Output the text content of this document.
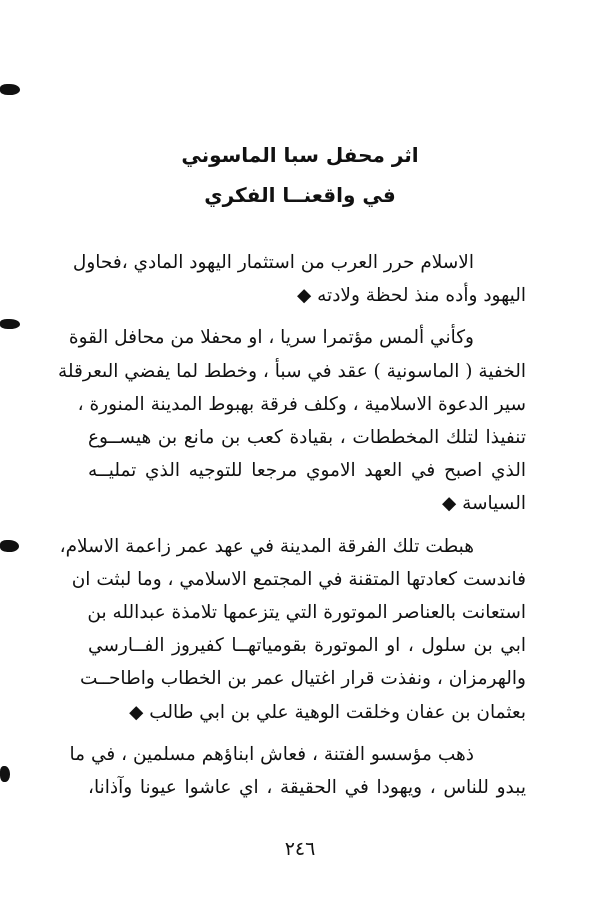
اثر محفل سبا الماسوني

في واقعنــا الفكري

الاسلام حرر العرب من استثمار اليهود المادي ،فحاول
اليهود وأده منذ لحظة ولادته ◆

وكأني ألمس مؤتمرا سريا ، او محفلا من محافل القوة
الخفية ( الماسونية ) عقد في سبأ ، وخطط لما يفضي الىعرقلة
سير الدعوة الاسلامية ، وكلف فرقة بهبوط المدينة المنورة ،
تنفيذا لتلك المخططات ، بقيادة كعب بن مانع بن هيســوع
الذي اصبح في العهد الاموي مرجعا للتوجيه الذي تمليــه
السياسة ◆

هبطت تلك الفرقة المدينة في عهد عمر زاعمة الاسلام،
فاندست كعادتها المتقنة في المجتمع الاسلامي ، وما لبثت ان
استعانت بالعناصر الموتورة التي يتزعمها تلامذة عبدالله بن
ابي بن سلول ، او الموتورة بقومياتهــا كفيروز الفــارسي
والهرمزان ، ونفذت قرار اغتيال عمر بن الخطاب واطاحــت
بعثمان بن عفان وخلقت الوهية علي بن ابي طالب ◆

ذهب مؤسسو الفتنة ، فعاش ابناؤهم مسلمين ، في ما
يبدو للناس ، ويهودا في الحقيقة ، اي عاشوا عيونا وآذانا،

٢٤٦
